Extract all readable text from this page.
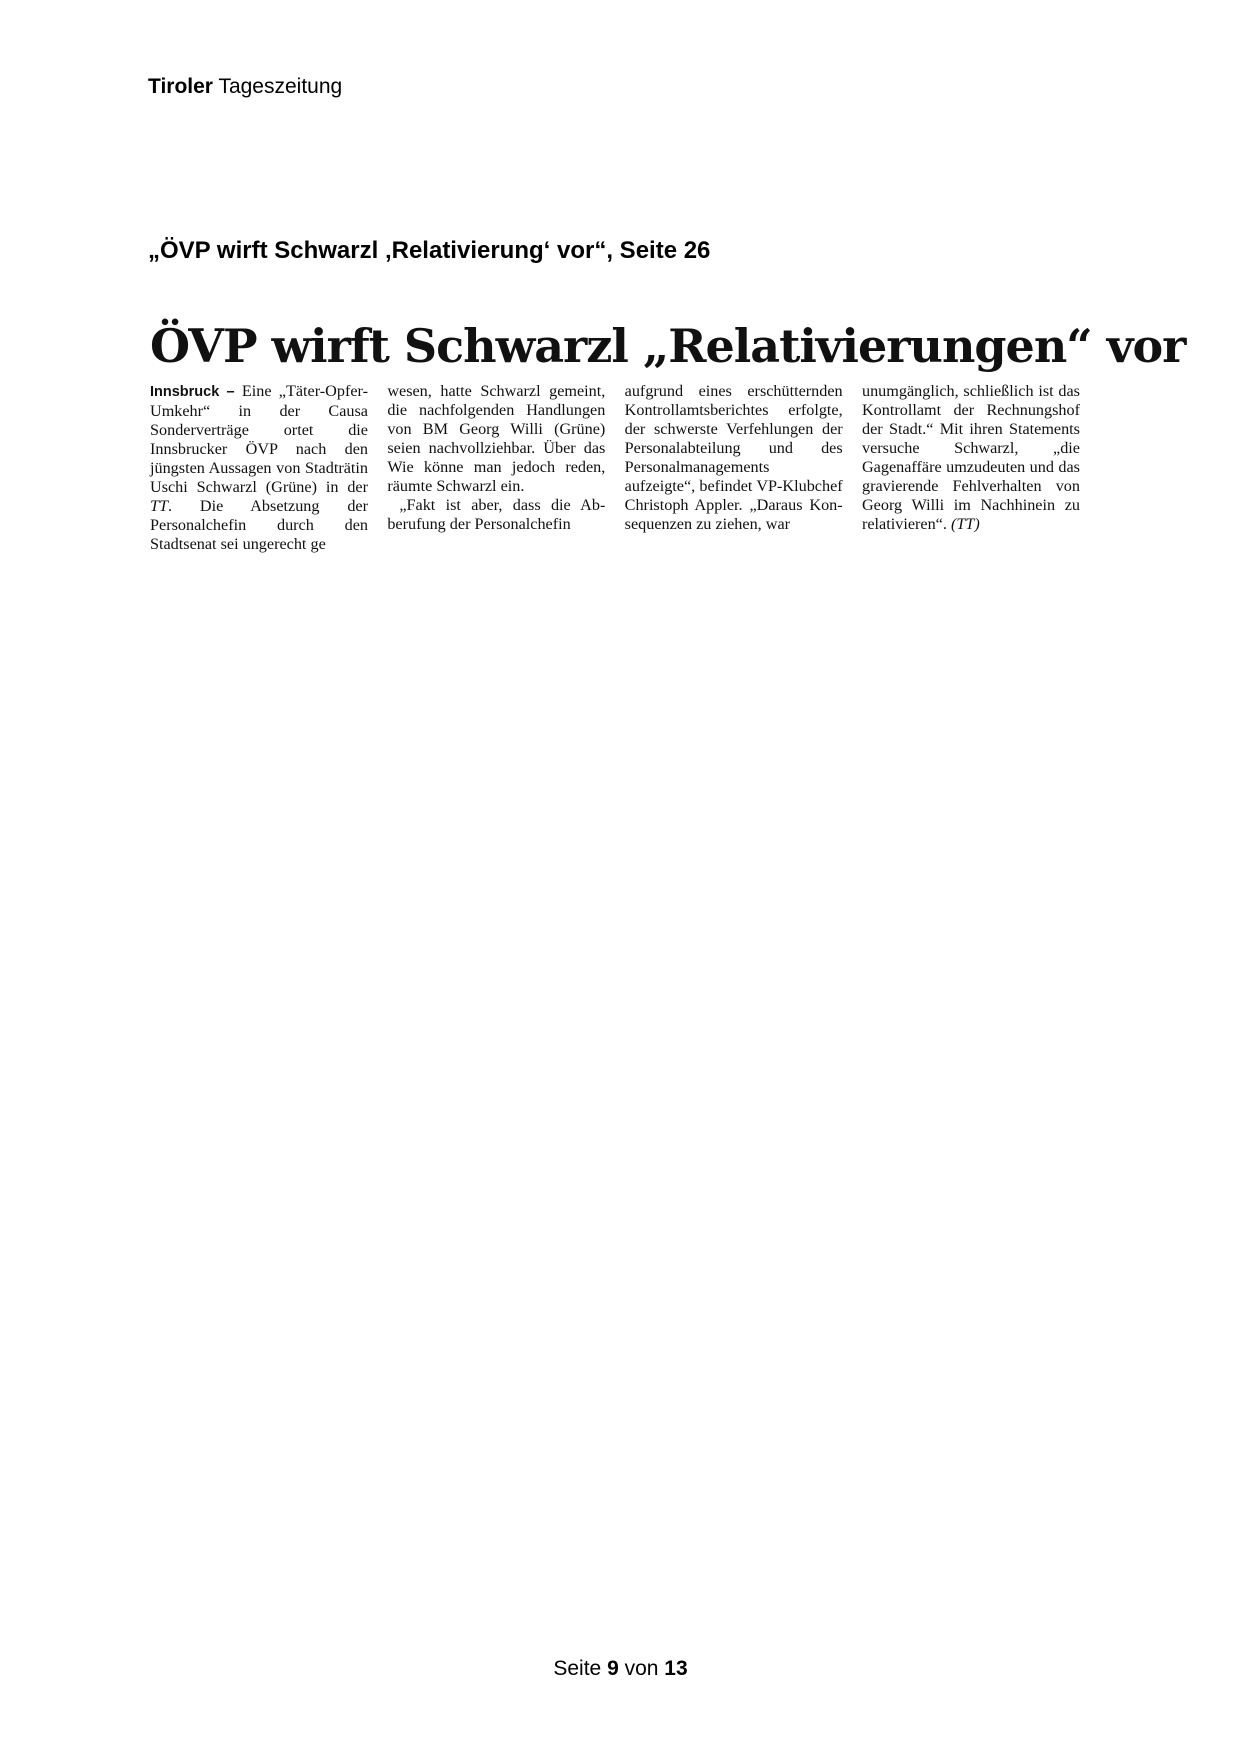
Tiroler Tageszeitung
„ÖVP wirft Schwarzl ‚Relativierung‘ vor“, Seite 26
ÖVP wirft Schwarzl „Relativierungen“ vor

Innsbruck – Eine „Täter-Opfer-Umkehr“ in der Causa Sonderverträge ortet die Innsbrucker ÖVP nach den jüngsten Aussagen von Stadträtin Uschi Schwarzl (Grüne) in der TT. Die Absetzung der Personalchefin durch den Stadtsenat sei ungerecht ge

wesen, hatte Schwarzl gemeint, die nachfolgenden Handlungen von BM Georg Willi (Grüne) seien nachvollziehbar. Über das Wie könne man jedoch reden, räumte Schwarzl ein.

„Fakt ist aber, dass die Abberufung der Personalchefin

aufgrund eines erschütternden Kontrollamtsberichtes erfolgte, der schwerste Verfehlungen der Personalabteilung und des Personalmanagements aufzeigte“, befindet VP-Klubchef Christoph Appler. „Daraus Konsequenzen zu ziehen, war

unumgänglich, schließlich ist das Kontrollamt der Rechnungshof der Stadt.“ Mit ihren Statements versuche Schwarzl, „die Gagenaffäre umzudeuten und das gravierende Fehlverhalten von Georg Willi im Nachhinein zu relativieren“. (TT)

Seite 9 von 13
